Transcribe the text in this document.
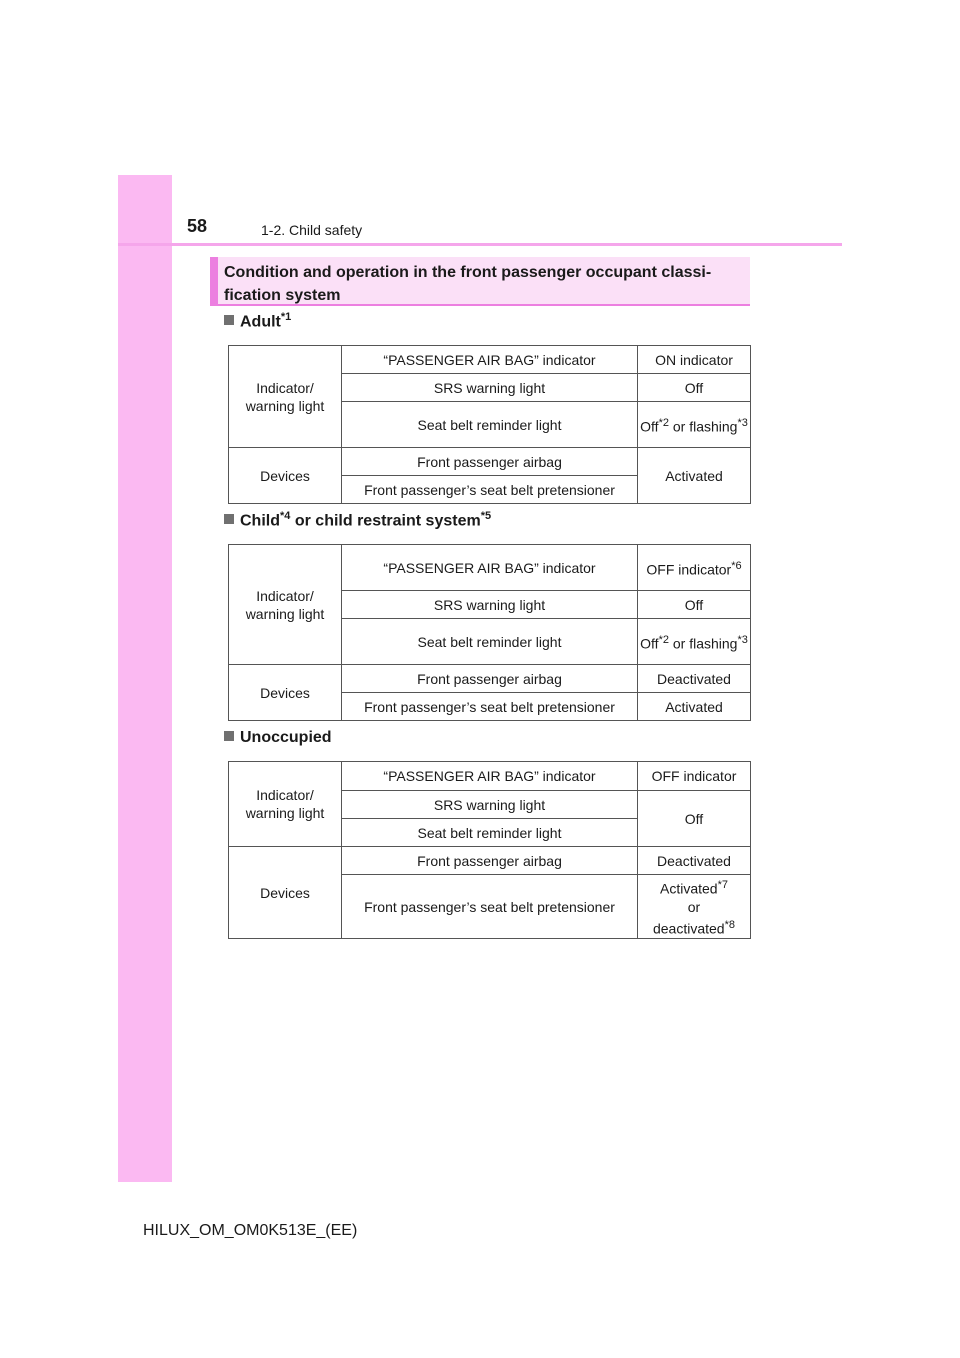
58	1-2. Child safety
Condition and operation in the front passenger occupant classi-fication system
Adult$^{*1}$
Indicator/ warning light	“PASSENGER AIR BAG” indicator	ON indicator
	SRS warning light	Off
	Seat belt reminder light	Off$^{*2}$ or flashing$^{*3}$
Devices	Front passenger airbag	Activated
	Front passenger’s seat belt pretensioner	
Child$^{*4}$ or child restraint system$^{*5}$
Indicator/ warning light	“PASSENGER AIR BAG” indicator	OFF indicator$^{*6}$
	SRS warning light	Off
	Seat belt reminder light	Off$^{*2}$ or flashing$^{*3}$
Devices	Front passenger airbag	Deactivated
	Front passenger’s seat belt pretensioner	Activated
Unoccupied
Indicator/ warning light	“PASSENGER AIR BAG” indicator	OFF indicator
	SRS warning light	Off
	Seat belt reminder light	
Devices	Front passenger airbag	Deactivated
	Front passenger’s seat belt pretensioner	Activated$^{*7}$
or
deactivated$^{*8}$
HILUX_OM_OM0K513E_(EE)
